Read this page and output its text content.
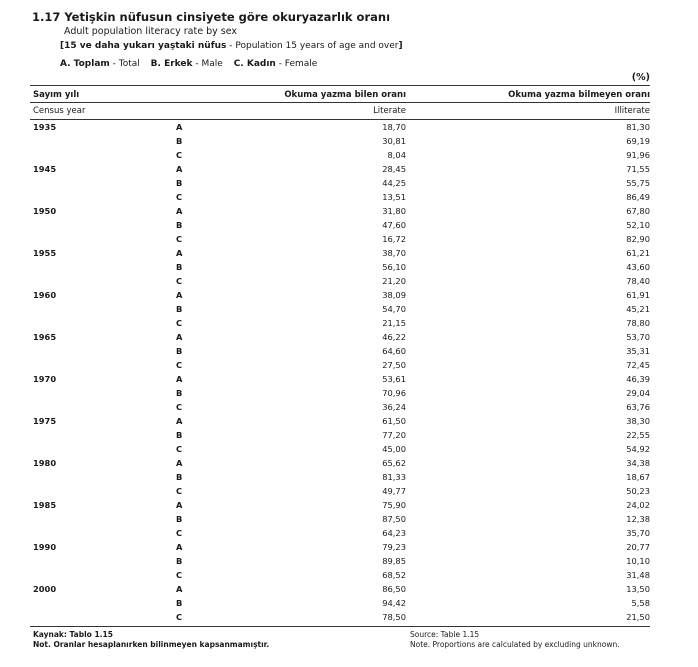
1.17 Yetişkin nüfusun cinsiyete göre okuryazarlık oranı
Adult population literacy rate by sex
[15 ve daha yukarı yaştaki nüfus - Population 15 years of age and over]
A. Toplam - Total B. Erkek - Male C. Kadın - Female
(%)
Sayım yılı	Okuma yazma bilen oranı	Okuma yazma bilmeyen oranı
Census year	Literate	Illiterate
1935	A	18,70	81,30
B	30,81	69,19
C	8,04	91,96
1945	A	28,45	71,55
B	44,25	55,75
C	13,51	86,49
1950	A	31,80	67,80
B	47,60	52,10
C	16,72	82,90
1955	A	38,70	61,21
B	56,10	43,60
C	21,20	78,40
1960	A	38,09	61,91
B	54,70	45,21
C	21,15	78,80
1965	A	46,22	53,70
B	64,60	35,31
C	27,50	72,45
1970	A	53,61	46,39
B	70,96	29,04
C	36,24	63,76
1975	A	61,50	38,30
B	77,20	22,55
C	45,00	54,92
1980	A	65,62	34,38
B	81,33	18,67
C	49,77	50,23
1985	A	75,90	24,02
B	87,50	12,38
C	64,23	35,70
1990	A	79,23	20,77
B	89,85	10,10
C	68,52	31,48
2000	A	86,50	13,50
B	94,42	5,58
C	78,50	21,50
Kaynak: Tablo 1.15
Not. Oranlar hesaplanırken bilinmeyen kapsanmamıştır.
Source: Table 1.15
Note. Proportions are calculated by excluding unknown.
